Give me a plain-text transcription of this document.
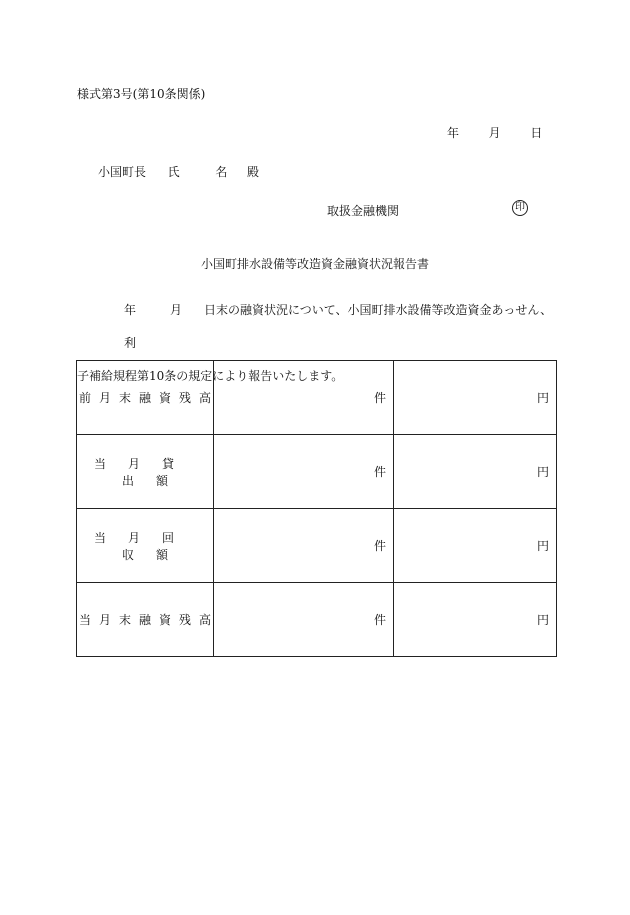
様式第3号(第10条関係)
年 月 日
小国町長 氏	名 殿
取扱金融機関	印
小国町排水設備等改造資金融資状況報告書
年	月 日末の融資状況について、小国町排水設備等改造資金あっせん、利
子補給規程第10条の規定により報告いたします。
前 月 末 融 資 残 高	件	円
当 月 貸出 額	件	円
当 月 回収 額	件	円
当 月 末 融 資 残 高	件	円
